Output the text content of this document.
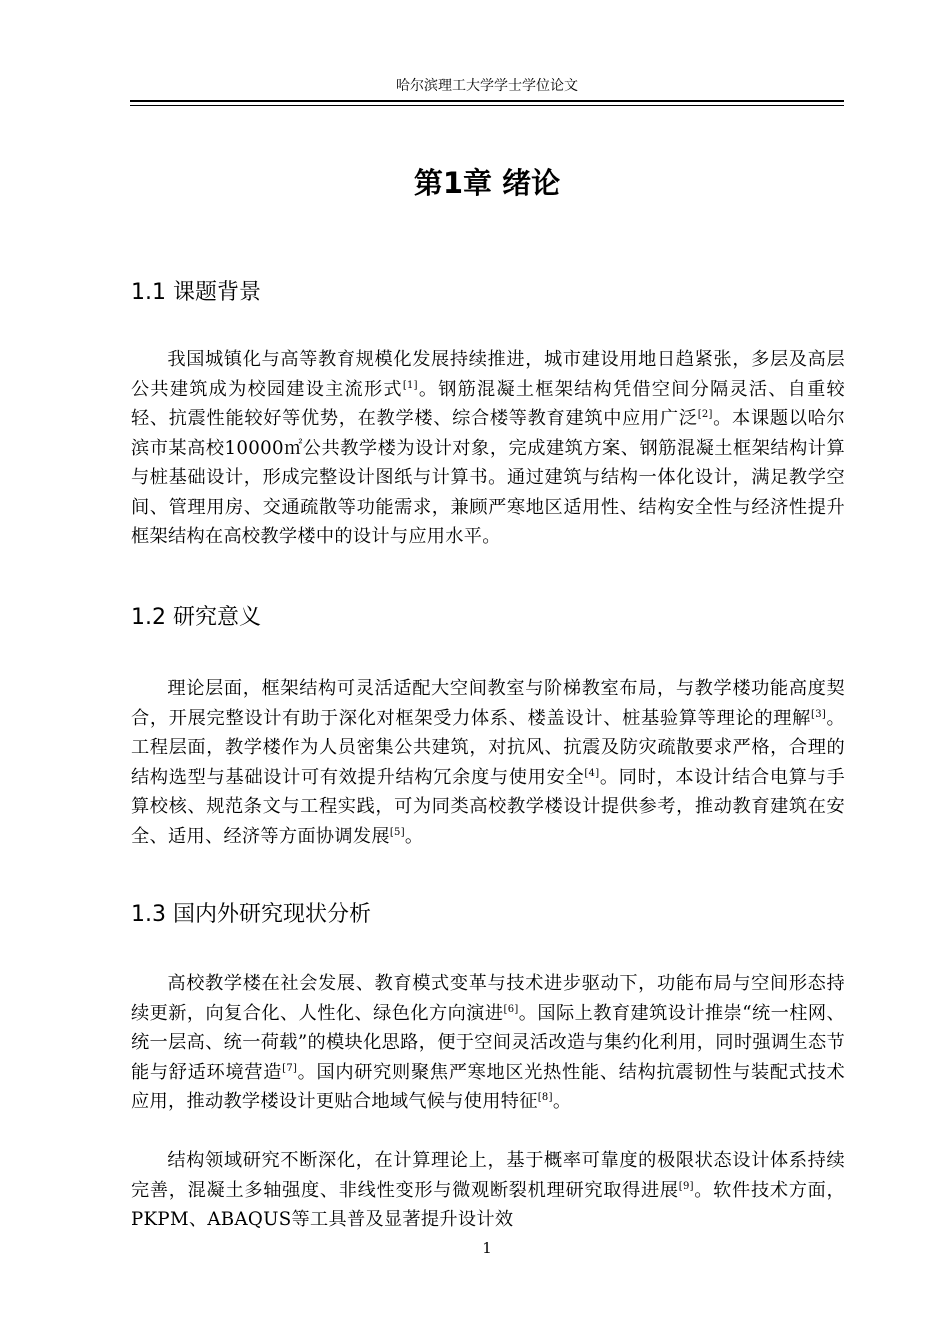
哈尔滨理工大学学士学位论文
第1章 绪论
1.1 课题背景
我国城镇化与高等教育规模化发展持续推进，城市建设用地日趋紧张，多层及高层公共建筑成为校园建设主流形式[1]。钢筋混凝土框架结构凭借空间分隔灵活、自重较轻、抗震性能较好等优势，在教学楼、综合楼等教育建筑中应用广泛[2]。本课题以哈尔滨市某高校10000㎡公共教学楼为设计对象，完成建筑方案、钢筋混凝土框架结构计算与桩基础设计，形成完整设计图纸与计算书。通过建筑与结构一体化设计，满足教学空间、管理用房、交通疏散等功能需求，兼顾严寒地区适用性、结构安全性与经济性提升框架结构在高校教学楼中的设计与应用水平。
1.2 研究意义
理论层面，框架结构可灵活适配大空间教室与阶梯教室布局，与教学楼功能高度契合，开展完整设计有助于深化对框架受力体系、楼盖设计、桩基验算等理论的理解[3]。工程层面，教学楼作为人员密集公共建筑，对抗风、抗震及防灾疏散要求严格，合理的结构选型与基础设计可有效提升结构冗余度与使用安全[4]。同时，本设计结合电算与手算校核、规范条文与工程实践，可为同类高校教学楼设计提供参考，推动教育建筑在安全、适用、经济等方面协调发展[5]。
1.3 国内外研究现状分析
高校教学楼在社会发展、教育模式变革与技术进步驱动下，功能布局与空间形态持续更新，向复合化、人性化、绿色化方向演进[6]。国际上教育建筑设计推崇“统一柱网、统一层高、统一荷载”的模块化思路，便于空间灵活改造与集约化利用，同时强调生态节能与舒适环境营造[7]。国内研究则聚焦严寒地区光热性能、结构抗震韧性与装配式技术应用，推动教学楼设计更贴合地域气候与使用特征[8]。
结构领域研究不断深化，在计算理论上，基于概率可靠度的极限状态设计体系持续完善，混凝土多轴强度、非线性变形与微观断裂机理研究取得进展[9]。软件技术方面，PKPM、ABAQUS等工具普及显著提升设计效
1
